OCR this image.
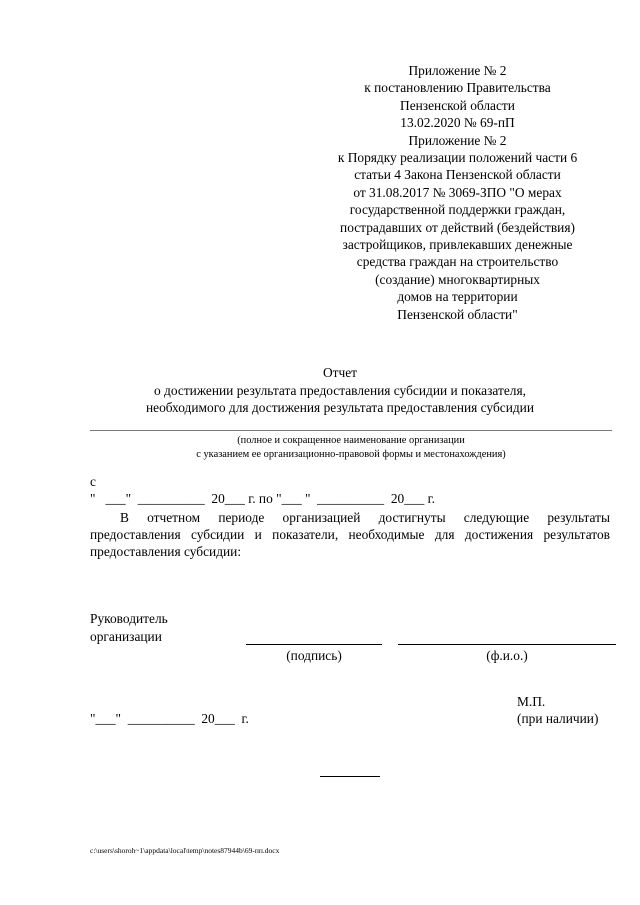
Приложение № 2
к постановлению Правительства
Пензенской области
13.02.2020 № 69-пП
Приложение № 2
к Порядку реализации положений части 6
статьи 4 Закона Пензенской области
от 31.08.2017 № 3069-ЗПО "О мерах
государственной поддержки граждан,
пострадавших от действий (бездействия)
застройщиков, привлекавших денежные
средства граждан на строительство
(создание) многоквартирных
домов на территории
Пензенской области"
Отчет
о достижении результата предоставления субсидии и показателя,
необходимого для достижения результата предоставления субсидии
(полное и сокращенное наименование организации
с указанием ее организационно-правовой формы и местонахождения)
с
"   ___"  __________  20___ г. по "___ "  __________  20___ г.
В отчетном периоде организацией достигнуты следующие результаты предоставления субсидии и показатели, необходимые для достижения результатов предоставления субсидии:
Руководитель
организации
(подпись)	(ф.и.о.)
М.П.
(при наличии)
"___"  __________  20___  г.
c:\users\shoroh~1\appdata\local\temp\notes87944b\69-пп.docx
